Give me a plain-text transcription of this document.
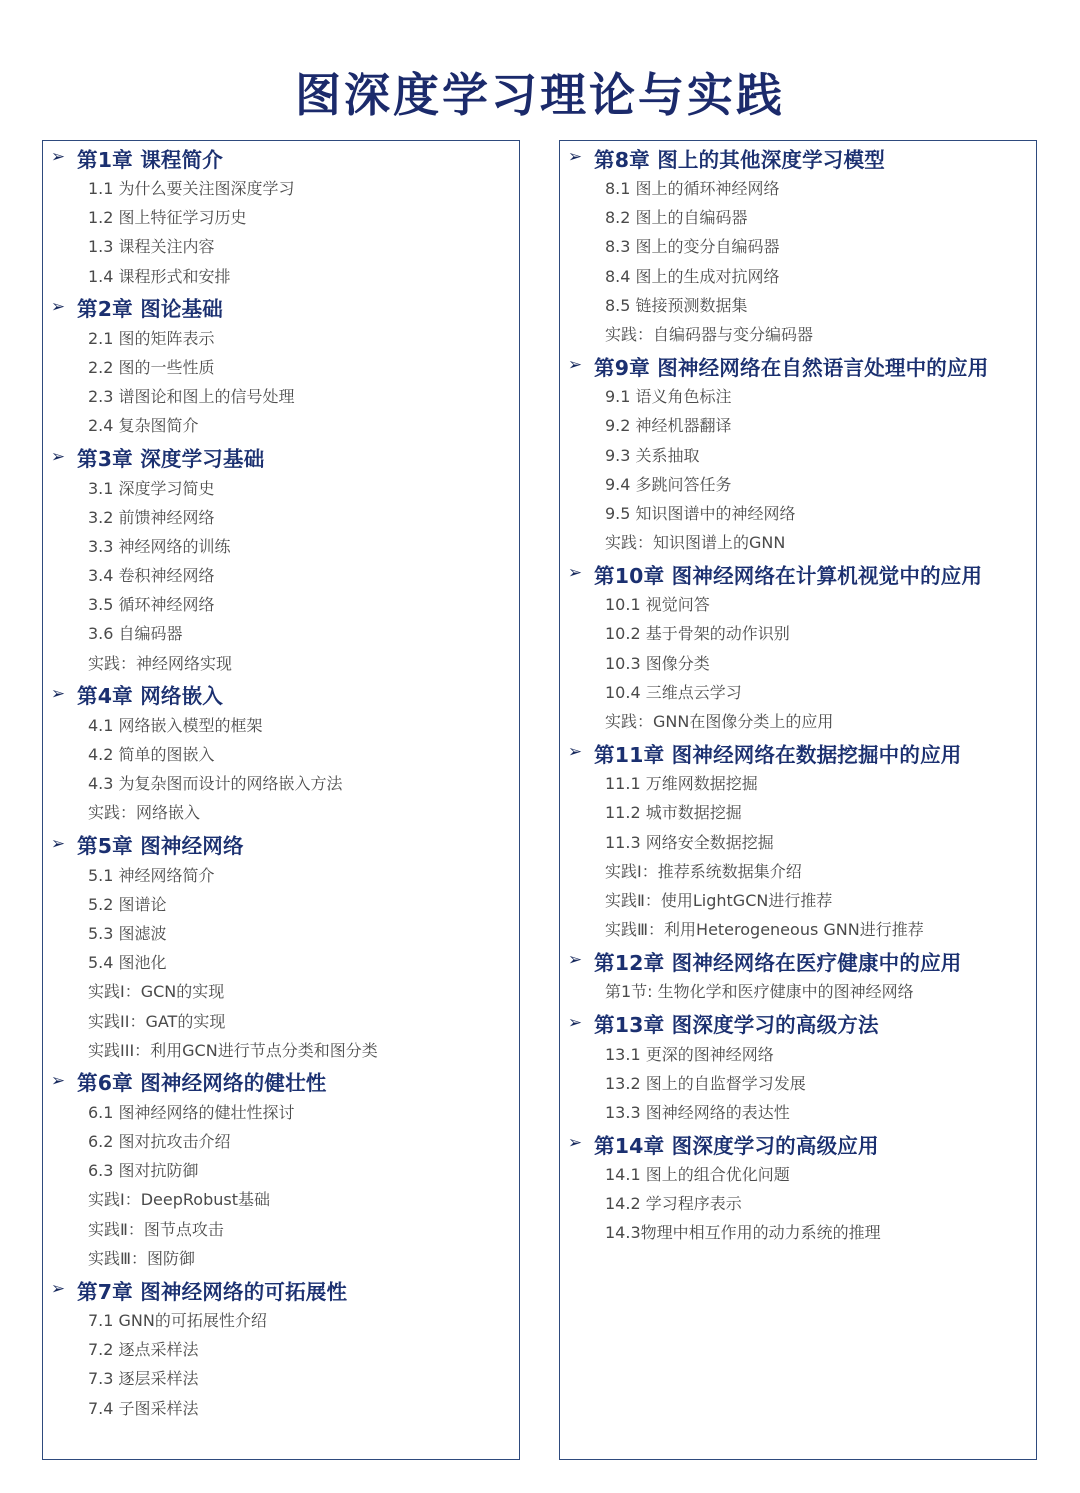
图深度学习理论与实践
➢ 第1章 课程简介
1.1 为什么要关注图深度学习
1.2 图上特征学习历史
1.3 课程关注内容
1.4 课程形式和安排
➢ 第2章 图论基础
2.1 图的矩阵表示
2.2 图的一些性质
2.3 谱图论和图上的信号处理
2.4 复杂图简介
➢ 第3章 深度学习基础
3.1 深度学习简史
3.2 前馈神经网络
3.3 神经网络的训练
3.4 卷积神经网络
3.5 循环神经网络
3.6 自编码器
实践：神经网络实现
➢ 第4章 网络嵌入
4.1 网络嵌入模型的框架
4.2 简单的图嵌入
4.3 为复杂图而设计的网络嵌入方法
实践：网络嵌入
➢ 第5章 图神经网络
5.1 神经网络简介
5.2 图谱论
5.3 图滤波
5.4 图池化
实践I：GCN的实现
实践II：GAT的实现
实践III：利用GCN进行节点分类和图分类
➢ 第6章 图神经网络的健壮性
6.1 图神经网络的健壮性探讨
6.2 图对抗攻击介绍
6.3 图对抗防御
实践Ⅰ：DeepRobust基础
实践Ⅱ：图节点攻击
实践Ⅲ：图防御
➢ 第7章 图神经网络的可拓展性
7.1 GNN的可拓展性介绍
7.2 逐点采样法
7.3 逐层采样法
7.4 子图采样法
➢ 第8章 图上的其他深度学习模型
8.1 图上的循环神经网络
8.2 图上的自编码器
8.3 图上的变分自编码器
8.4 图上的生成对抗网络
8.5 链接预测数据集
实践：自编码器与变分编码器
➢ 第9章 图神经网络在自然语言处理中的应用
9.1 语义角色标注
9.2 神经机器翻译
9.3 关系抽取
9.4 多跳问答任务
9.5 知识图谱中的神经网络
实践：知识图谱上的GNN
➢ 第10章 图神经网络在计算机视觉中的应用
10.1 视觉问答
10.2 基于骨架的动作识别
10.3 图像分类
10.4 三维点云学习
实践：GNN在图像分类上的应用
➢ 第11章 图神经网络在数据挖掘中的应用
11.1 万维网数据挖掘
11.2 城市数据挖掘
11.3 网络安全数据挖掘
实践Ⅰ：推荐系统数据集介绍
实践Ⅱ：使用LightGCN进行推荐
实践Ⅲ：利用Heterogeneous GNN进行推荐
➢ 第12章 图神经网络在医疗健康中的应用
第1节: 生物化学和医疗健康中的图神经网络
➢ 第13章 图深度学习的高级方法
13.1 更深的图神经网络
13.2 图上的自监督学习发展
13.3 图神经网络的表达性
➢ 第14章 图深度学习的高级应用
14.1 图上的组合优化问题
14.2 学习程序表示
14.3物理中相互作用的动力系统的推理
